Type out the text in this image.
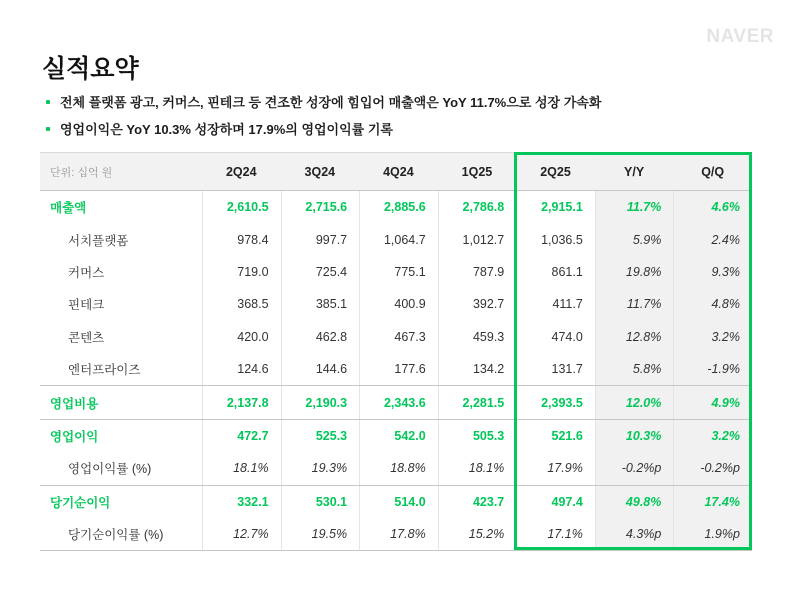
NAVER
실적요약
전체 플랫폼 광고, 커머스, 핀테크 등 견조한 성장에 힘입어 매출액은 YoY 11.7%으로 성장 가속화
영업이익은 YoY 10.3% 성장하며 17.9%의 영업이익률 기록
단위: 십억 원	2Q24	3Q24	4Q24	1Q25	2Q25	Y/Y	Q/Q
매출액	2,610.5	2,715.6	2,885.6	2,786.8	2,915.1	11.7%	4.6%
서치플랫폼	978.4	997.7	1,064.7	1,012.7	1,036.5	5.9%	2.4%
커머스	719.0	725.4	775.1	787.9	861.1	19.8%	9.3%
핀테크	368.5	385.1	400.9	392.7	411.7	11.7%	4.8%
콘텐츠	420.0	462.8	467.3	459.3	474.0	12.8%	3.2%
엔터프라이즈	124.6	144.6	177.6	134.2	131.7	5.8%	-1.9%
영업비용	2,137.8	2,190.3	2,343.6	2,281.5	2,393.5	12.0%	4.9%
영업이익	472.7	525.3	542.0	505.3	521.6	10.3%	3.2%
영업이익률 (%)	18.1%	19.3%	18.8%	18.1%	17.9%	-0.2%p	-0.2%p
당기순이익	332.1	530.1	514.0	423.7	497.4	49.8%	17.4%
당기순이익률 (%)	12.7%	19.5%	17.8%	15.2%	17.1%	4.3%p	1.9%p
